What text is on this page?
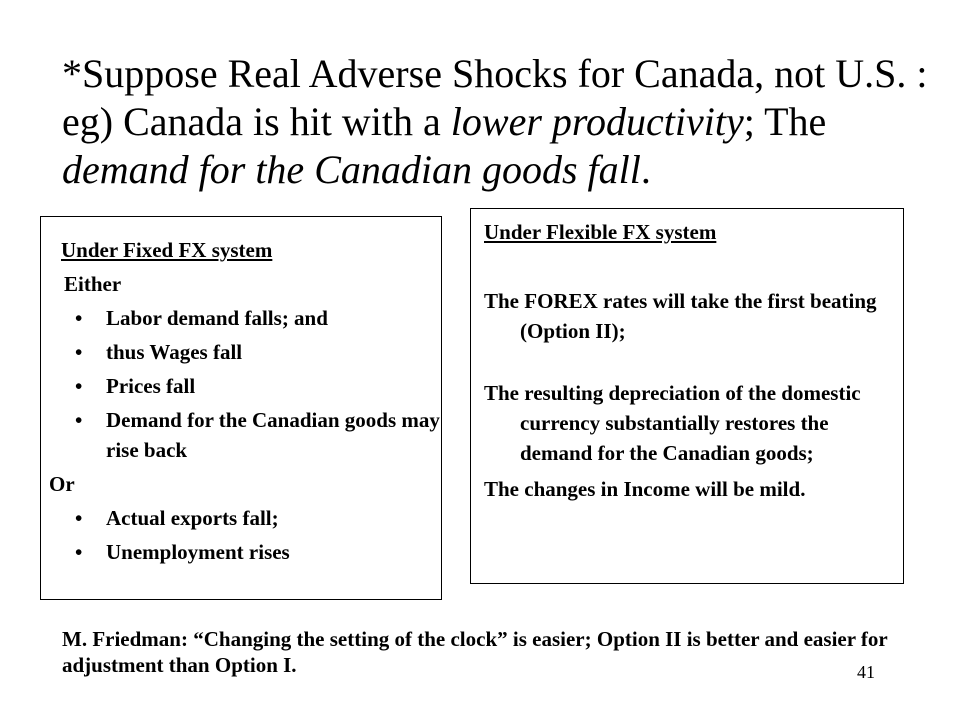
*Suppose Real Adverse Shocks for Canada, not U.S. : eg) Canada is hit with a lower productivity; The demand for the Canadian goods fall.
Under Fixed FX system
Either
• Labor demand falls; and
• thus Wages fall
• Prices fall
• Demand for the Canadian goods may rise back
Or
• Actual exports fall;
• Unemployment rises
Under Flexible FX system

The FOREX rates will take the first beating (Option II);

The resulting depreciation of the domestic currency substantially restores the demand for the Canadian goods;

The changes in Income will be mild.

M. Friedman: “Changing the setting of the clock” is easier; Option II is better and easier for adjustment than Option I.	41
